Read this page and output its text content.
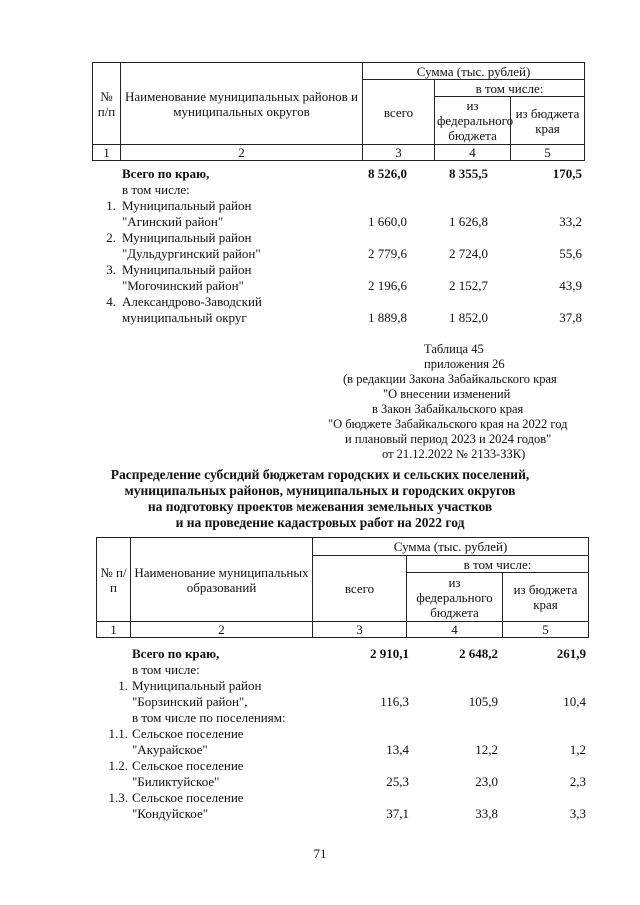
№ п/п	Наименование муниципальных районов и муниципальных округов	Сумма (тыс. рублей)		
		всего	в том числе:	
			из федерального бюджета	из бюджета края
1	2	3	4	5
Всего по краю,	8 526,0	8 355,5	170,5
в том числе:
1. Муниципальный район
"Агинский район"	1 660,0	1 626,8	33,2
2. Муниципальный район
"Дульдургинский район"	2 779,6	2 724,0	55,6
3. Муниципальный район
"Могочинский район"	2 196,6	2 152,7	43,9
4. Александрово-Заводский
муниципальный округ	1 889,8	1 852,0	37,8
Таблица 45
приложения 26
(в редакции Закона Забайкальского края
"О внесении изменений
в Закон Забайкальского края
"О бюджете Забайкальского края на 2022 год
и плановый период 2023 и 2024 годов"
от 21.12.2022 № 2133-ЗЗК)
Распределение субсидий бюджетам городских и сельских поселений,
муниципальных районов, муниципальных и городских округов
на подготовку проектов межевания земельных участков
и на проведение кадастровых работ на 2022 год
№ п/п	Наименование муниципальных образований	Сумма (тыс. рублей)		
		всего	в том числе:	
			из федерального бюджета	из бюджета края
1	2	3	4	5
Всего по краю,	2 910,1	2 648,2	261,9
в том числе:
1. Муниципальный район
"Борзинский район",	116,3	105,9	10,4
в том числе по поселениям:
1.1. Сельское поселение
"Акурайское"	13,4	12,2	1,2
1.2. Сельское поселение
"Биликтуйское"	25,3	23,0	2,3
1.3. Сельское поселение
"Кондуйское"	37,1	33,8	3,3
71
